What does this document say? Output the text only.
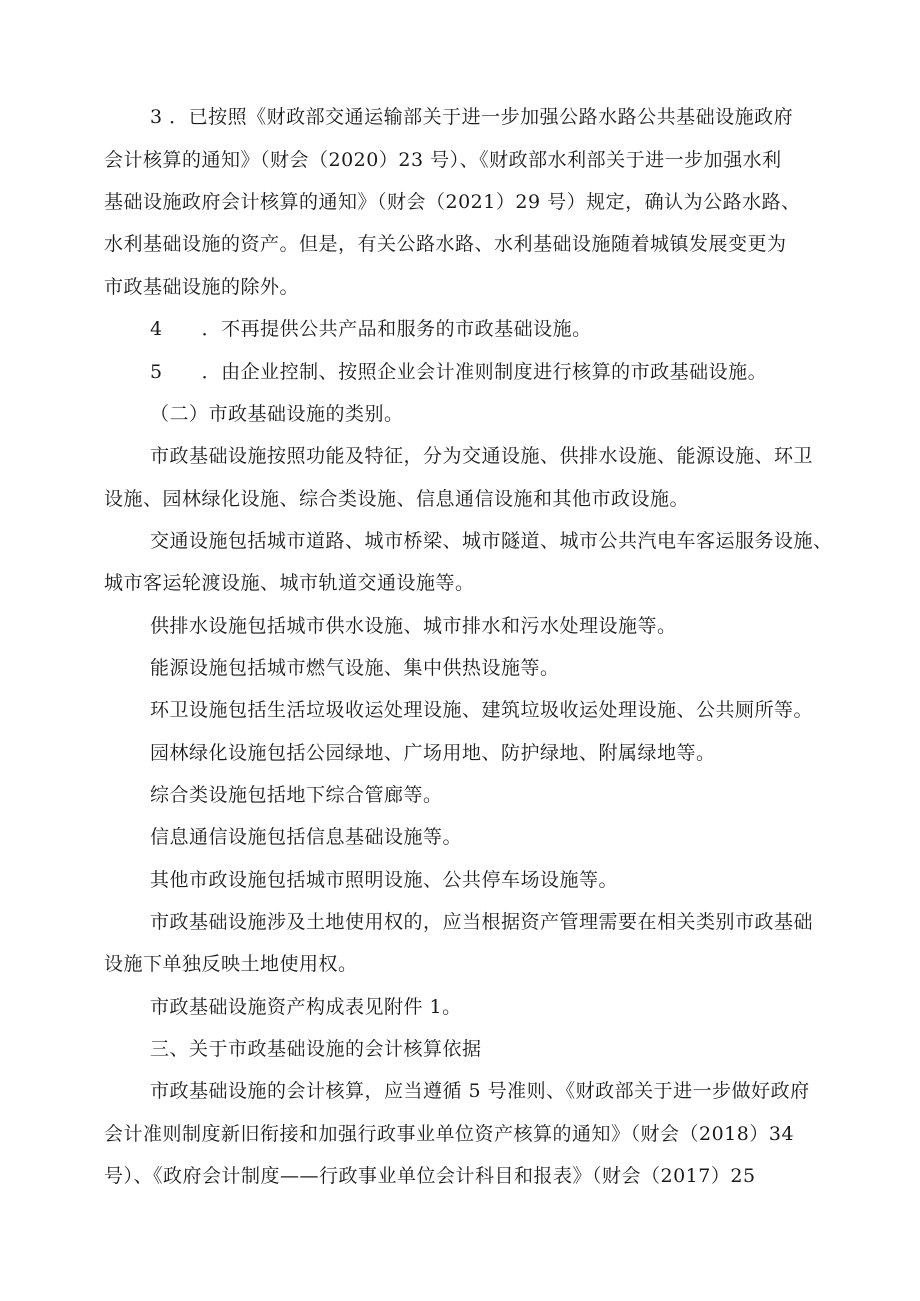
3 ．已按照《财政部交通运输部关于进一步加强公路水路公共基础设施政府
会计核算的通知》（财会（2020）23 号）、《财政部水利部关于进一步加强水利
基础设施政府会计核算的通知》（财会（2021）29 号）规定，确认为公路水路、
水利基础设施的资产。但是，有关公路水路、水利基础设施随着城镇发展变更为
市政基础设施的除外。
4　　．不再提供公共产品和服务的市政基础设施。
5　　．由企业控制、按照企业会计准则制度进行核算的市政基础设施。
（二）市政基础设施的类别。
市政基础设施按照功能及特征，分为交通设施、供排水设施、能源设施、环卫
设施、园林绿化设施、综合类设施、信息通信设施和其他市政设施。
交通设施包括城市道路、城市桥梁、城市隧道、城市公共汽电车客运服务设施、
城市客运轮渡设施、城市轨道交通设施等。
供排水设施包括城市供水设施、城市排水和污水处理设施等。
能源设施包括城市燃气设施、集中供热设施等。
环卫设施包括生活垃圾收运处理设施、建筑垃圾收运处理设施、公共厕所等。
园林绿化设施包括公园绿地、广场用地、防护绿地、附属绿地等。
综合类设施包括地下综合管廊等。
信息通信设施包括信息基础设施等。
其他市政设施包括城市照明设施、公共停车场设施等。
市政基础设施涉及土地使用权的，应当根据资产管理需要在相关类别市政基础
设施下单独反映土地使用权。
市政基础设施资产构成表见附件 1。
三、关于市政基础设施的会计核算依据
市政基础设施的会计核算，应当遵循 5 号准则、《财政部关于进一步做好政府
会计准则制度新旧衔接和加强行政事业单位资产核算的通知》（财会（2018）34
号）、《政府会计制度——行政事业单位会计科目和报表》（财会（2017）25
